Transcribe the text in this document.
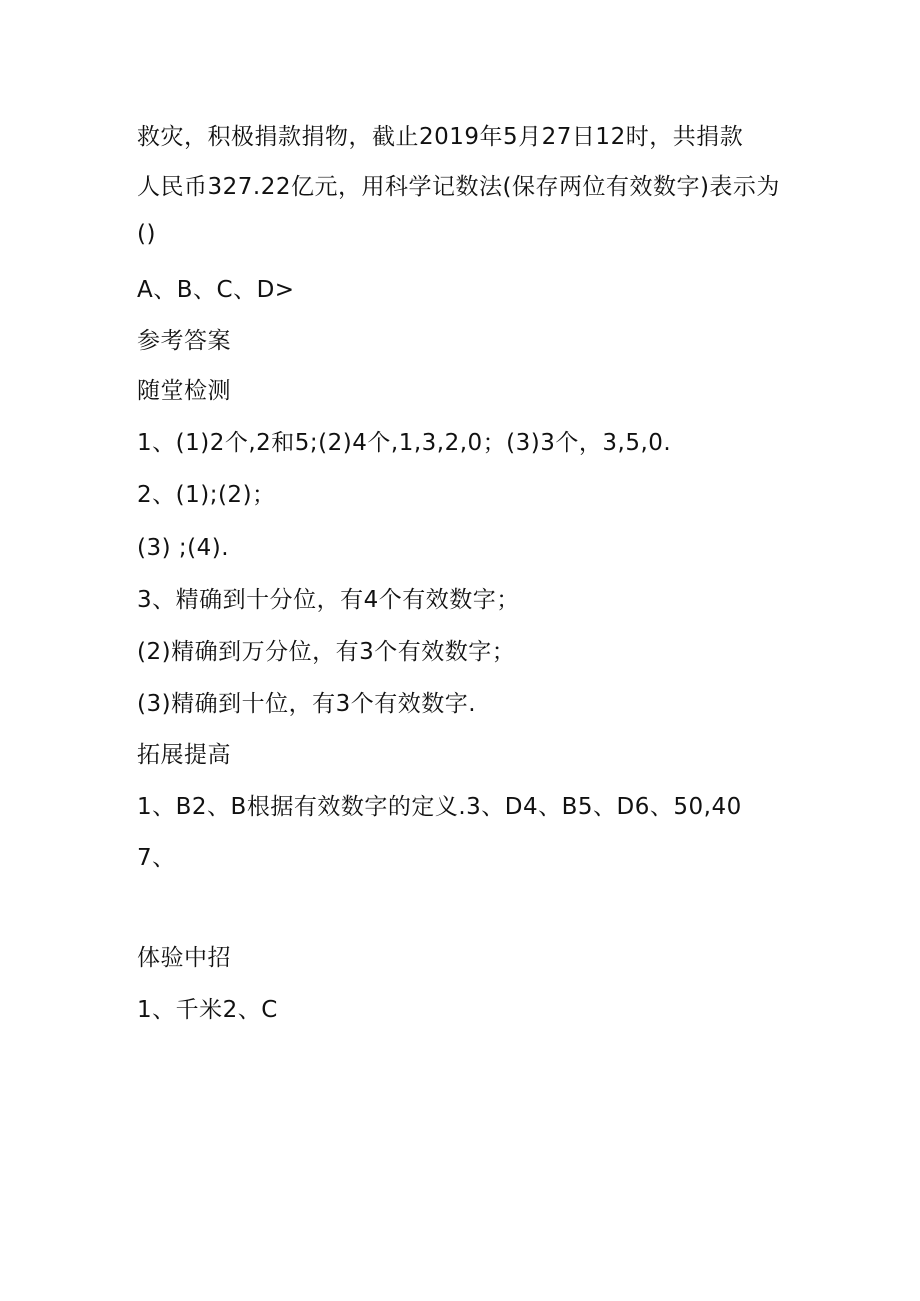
救灾，积极捐款捐物，截止2019年5月27日12时，共捐款
人民币327.22亿元，用科学记数法(保存两位有效数字)表示为
()
A、B、C、D>
参考答案
随堂检测
1、(1)2个,2和5;(2)4个,1,3,2,0；(3)3个，3,5,0.
2、(1);(2)；
(3) ;(4).
3、精确到十分位，有4个有效数字；
(2)精确到万分位，有3个有效数字；
(3)精确到十位，有3个有效数字.
拓展提高
1、B2、B根据有效数字的定义.3、D4、B5、D6、50,40
7、
体验中招
1、千米2、C
